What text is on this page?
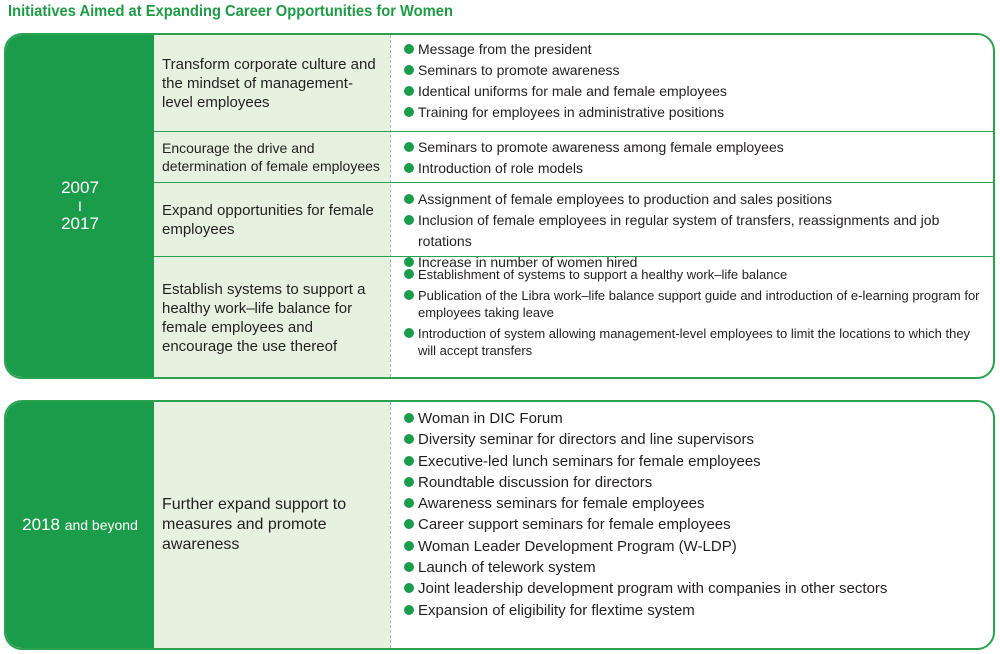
Initiatives Aimed at Expanding Career Opportunities for Women
2007
I
2017
Transform corporate culture and the mindset of management-level employees
Message from the president
Seminars to promote awareness
Identical uniforms for male and female employees
Training for employees in administrative positions
Encourage the drive and determination of female employees
Seminars to promote awareness among female employees
Introduction of role models
Expand opportunities for female employees
Assignment of female employees to production and sales positions
Inclusion of female employees in regular system of transfers, reassignments and job rotations
Increase in number of women hired
Establish systems to support a healthy work–life balance for female employees and encourage the use thereof
Establishment of systems to support a healthy work–life balance
Publication of the Libra work–life balance support guide and introduction of e-learning program for employees taking leave
Introduction of system allowing management-level employees to limit the locations to which they will accept transfers
2018
and beyond
Further expand support to measures and promote awareness
Woman in DIC Forum
Diversity seminar for directors and line supervisors
Executive-led lunch seminars for female employees
Roundtable discussion for directors
Awareness seminars for female employees
Career support seminars for female employees
Woman Leader Development Program (W-LDP)
Launch of telework system
Joint leadership development program with companies in other sectors
Expansion of eligibility for flextime system
